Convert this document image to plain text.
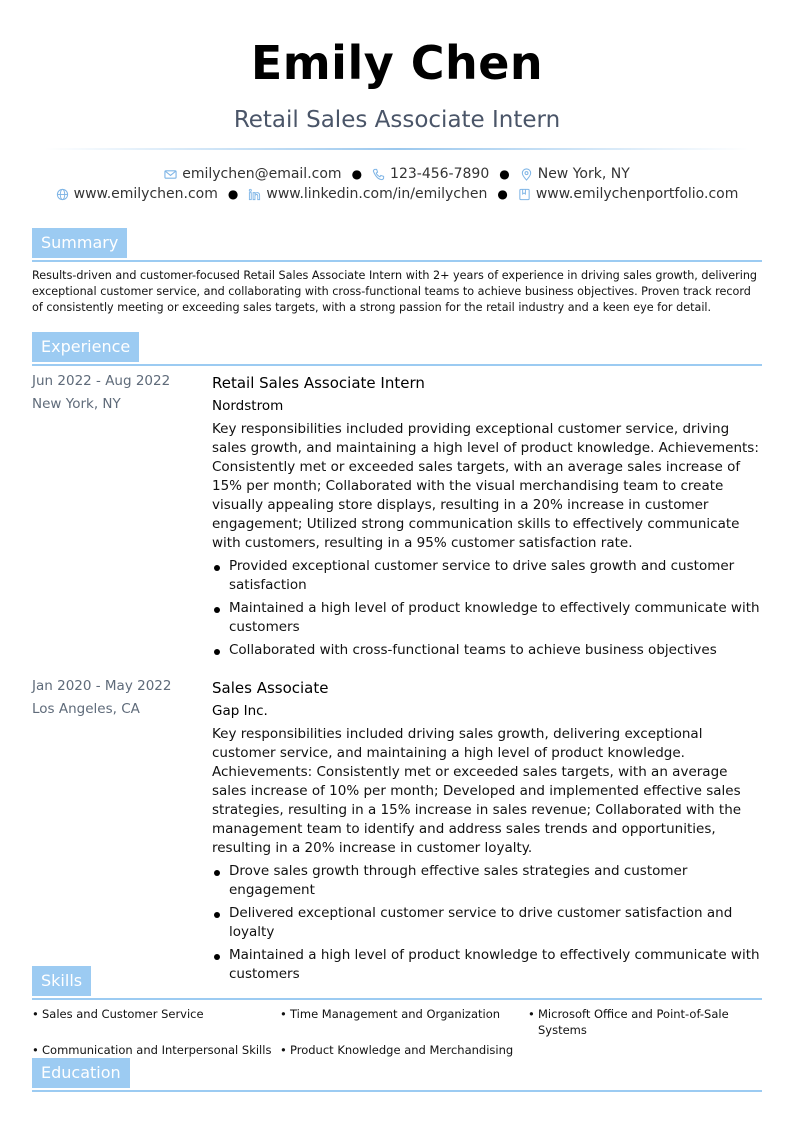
Emily Chen
Retail Sales Associate Intern
emilychen@email.com ● 123-456-7890 ● New York, NY
www.emilychen.com ● www.linkedin.com/in/emilychen ● www.emilychenportfolio.com
Summary
Results-driven and customer-focused Retail Sales Associate Intern with 2+ years of experience in driving sales growth, delivering exceptional customer service, and collaborating with cross-functional teams to achieve business objectives. Proven track record of consistently meeting or exceeding sales targets, with a strong passion for the retail industry and a keen eye for detail.
Experience
Jun 2022 - Aug 2022
New York, NY
Retail Sales Associate Intern
Nordstrom
Key responsibilities included providing exceptional customer service, driving sales growth, and maintaining a high level of product knowledge. Achievements: Consistently met or exceeded sales targets, with an average sales increase of 15% per month; Collaborated with the visual merchandising team to create visually appealing store displays, resulting in a 20% increase in customer engagement; Utilized strong communication skills to effectively communicate with customers, resulting in a 95% customer satisfaction rate.
Provided exceptional customer service to drive sales growth and customer satisfaction
Maintained a high level of product knowledge to effectively communicate with customers
Collaborated with cross-functional teams to achieve business objectives
Jan 2020 - May 2022
Los Angeles, CA
Sales Associate
Gap Inc.
Key responsibilities included driving sales growth, delivering exceptional customer service, and maintaining a high level of product knowledge. Achievements: Consistently met or exceeded sales targets, with an average sales increase of 10% per month; Developed and implemented effective sales strategies, resulting in a 15% increase in sales revenue; Collaborated with the management team to identify and address sales trends and opportunities, resulting in a 20% increase in customer loyalty.
Drove sales growth through effective sales strategies and customer engagement
Delivered exceptional customer service to drive customer satisfaction and loyalty
Maintained a high level of product knowledge to effectively communicate with customers
Skills
• Sales and Customer Service	• Time Management and Organization	• Microsoft Office and Point-of-Sale Systems
• Communication and Interpersonal Skills	• Product Knowledge and Merchandising
Education
